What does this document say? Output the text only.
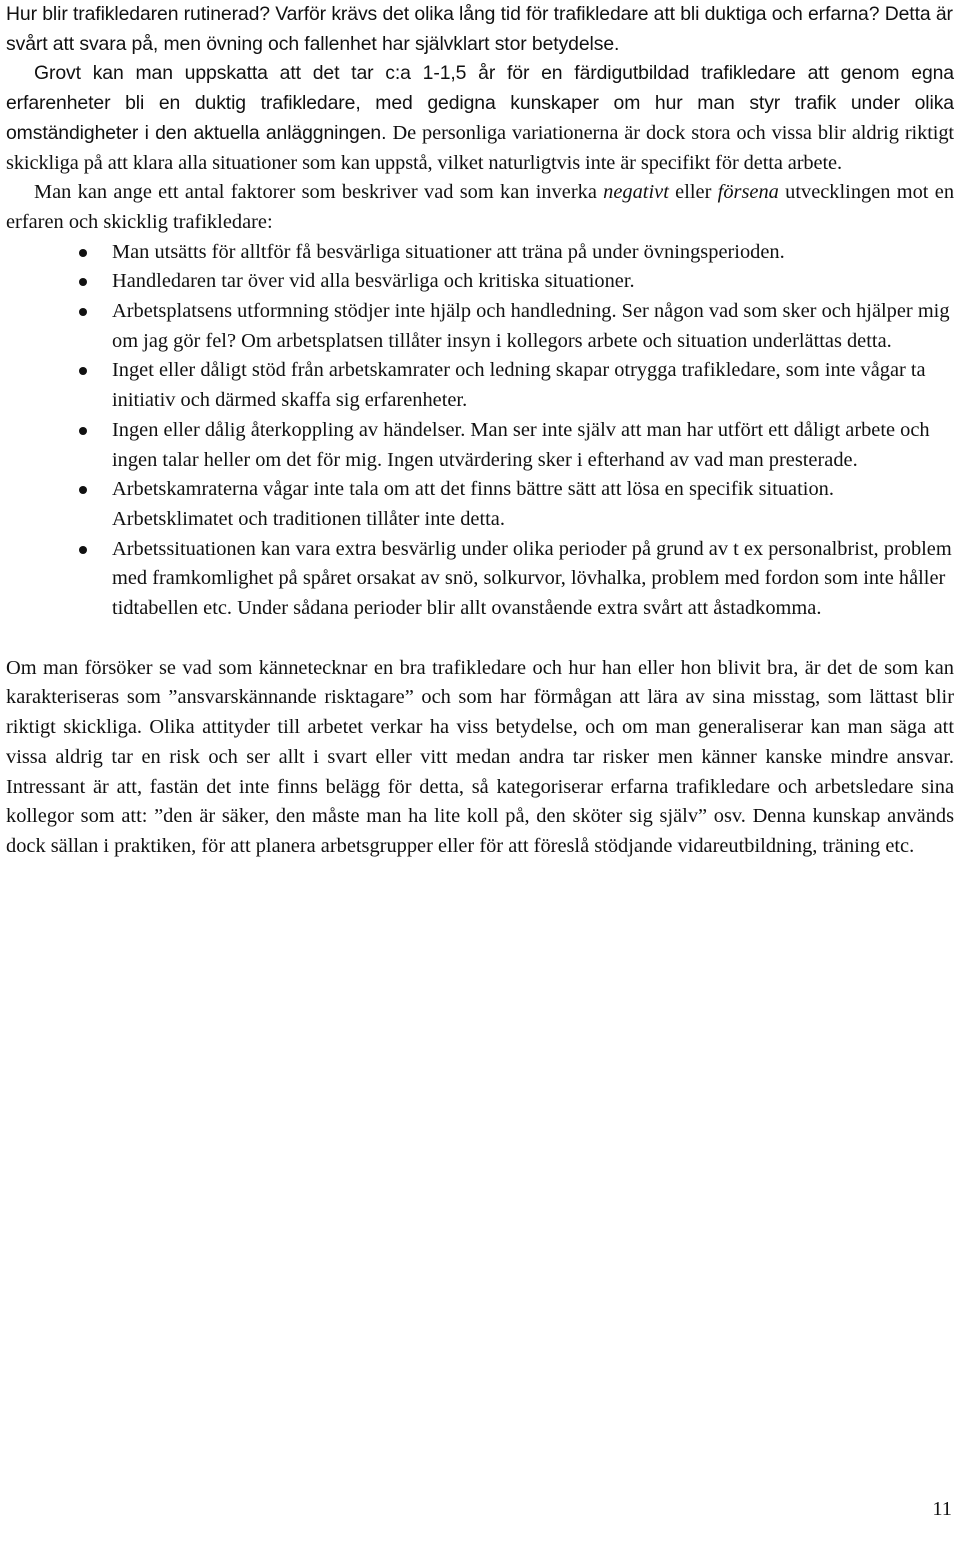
Hur blir trafikledaren rutinerad? Varför krävs det olika lång tid för trafikledare att bli duktiga och erfarna? Detta är svårt att svara på, men övning och fallenhet har självklart stor betydelse.

Grovt kan man uppskatta att det tar c:a 1-1,5 år för en färdigutbildad trafikledare att genom egna erfarenheter bli en duktig trafikledare, med gedigna kunskaper om hur man styr trafik under olika omständigheter i den aktuella anläggningen. De personliga variationerna är dock stora och vissa blir aldrig riktigt skickliga på att klara alla situationer som kan uppstå, vilket naturligtvis inte är specifikt för detta arbete.

Man kan ange ett antal faktorer som beskriver vad som kan inverka negativt eller försena utvecklingen mot en erfaren och skicklig trafikledare:

Man utsätts för alltför få besvärliga situationer att träna på under övningsperioden.
Handledaren tar över vid alla besvärliga och kritiska situationer.
Arbetsplatsens utformning stödjer inte hjälp och handledning. Ser någon vad som sker och hjälper mig om jag gör fel? Om arbetsplatsen tillåter insyn i kollegors arbete och situation underlättas detta.
Inget eller dåligt stöd från arbetskamrater och ledning skapar otrygga trafikledare, som inte vågar ta initiativ och därmed skaffa sig erfarenheter.
Ingen eller dålig återkoppling av händelser. Man ser inte själv att man har utfört ett dåligt arbete och ingen talar heller om det för mig. Ingen utvärdering sker i efterhand av vad man presterade.
Arbetskamraterna vågar inte tala om att det finns bättre sätt att lösa en specifik situation. Arbetsklimatet och traditionen tillåter inte detta.
Arbetssituationen kan vara extra besvärlig under olika perioder på grund av t ex personalbrist, problem med framkomlighet på spåret orsakat av snö, solkurvor, lövhalka, problem med fordon som inte håller tidtabellen etc. Under sådana perioder blir allt ovanstående extra svårt att åstadkomma.

Om man försöker se vad som kännetecknar en bra trafikledare och hur han eller hon blivit bra, är det de som kan karakteriseras som ”ansvarskännande risktagare” och som har förmågan att lära av sina misstag, som lättast blir riktigt skickliga. Olika attityder till arbetet verkar ha viss betydelse, och om man generaliserar kan man säga att vissa aldrig tar en risk och ser allt i svart eller vitt medan andra tar risker men känner kanske mindre ansvar. Intressant är att, fastän det inte finns belägg för detta, så kategoriserar erfarna trafikledare och arbetsledare sina kollegor som att: ”den är säker, den måste man ha lite koll på, den sköter sig själv” osv. Denna kunskap används dock sällan i praktiken, för att planera arbetsgrupper eller för att föreslå stödjande vidareutbildning, träning etc.

11
